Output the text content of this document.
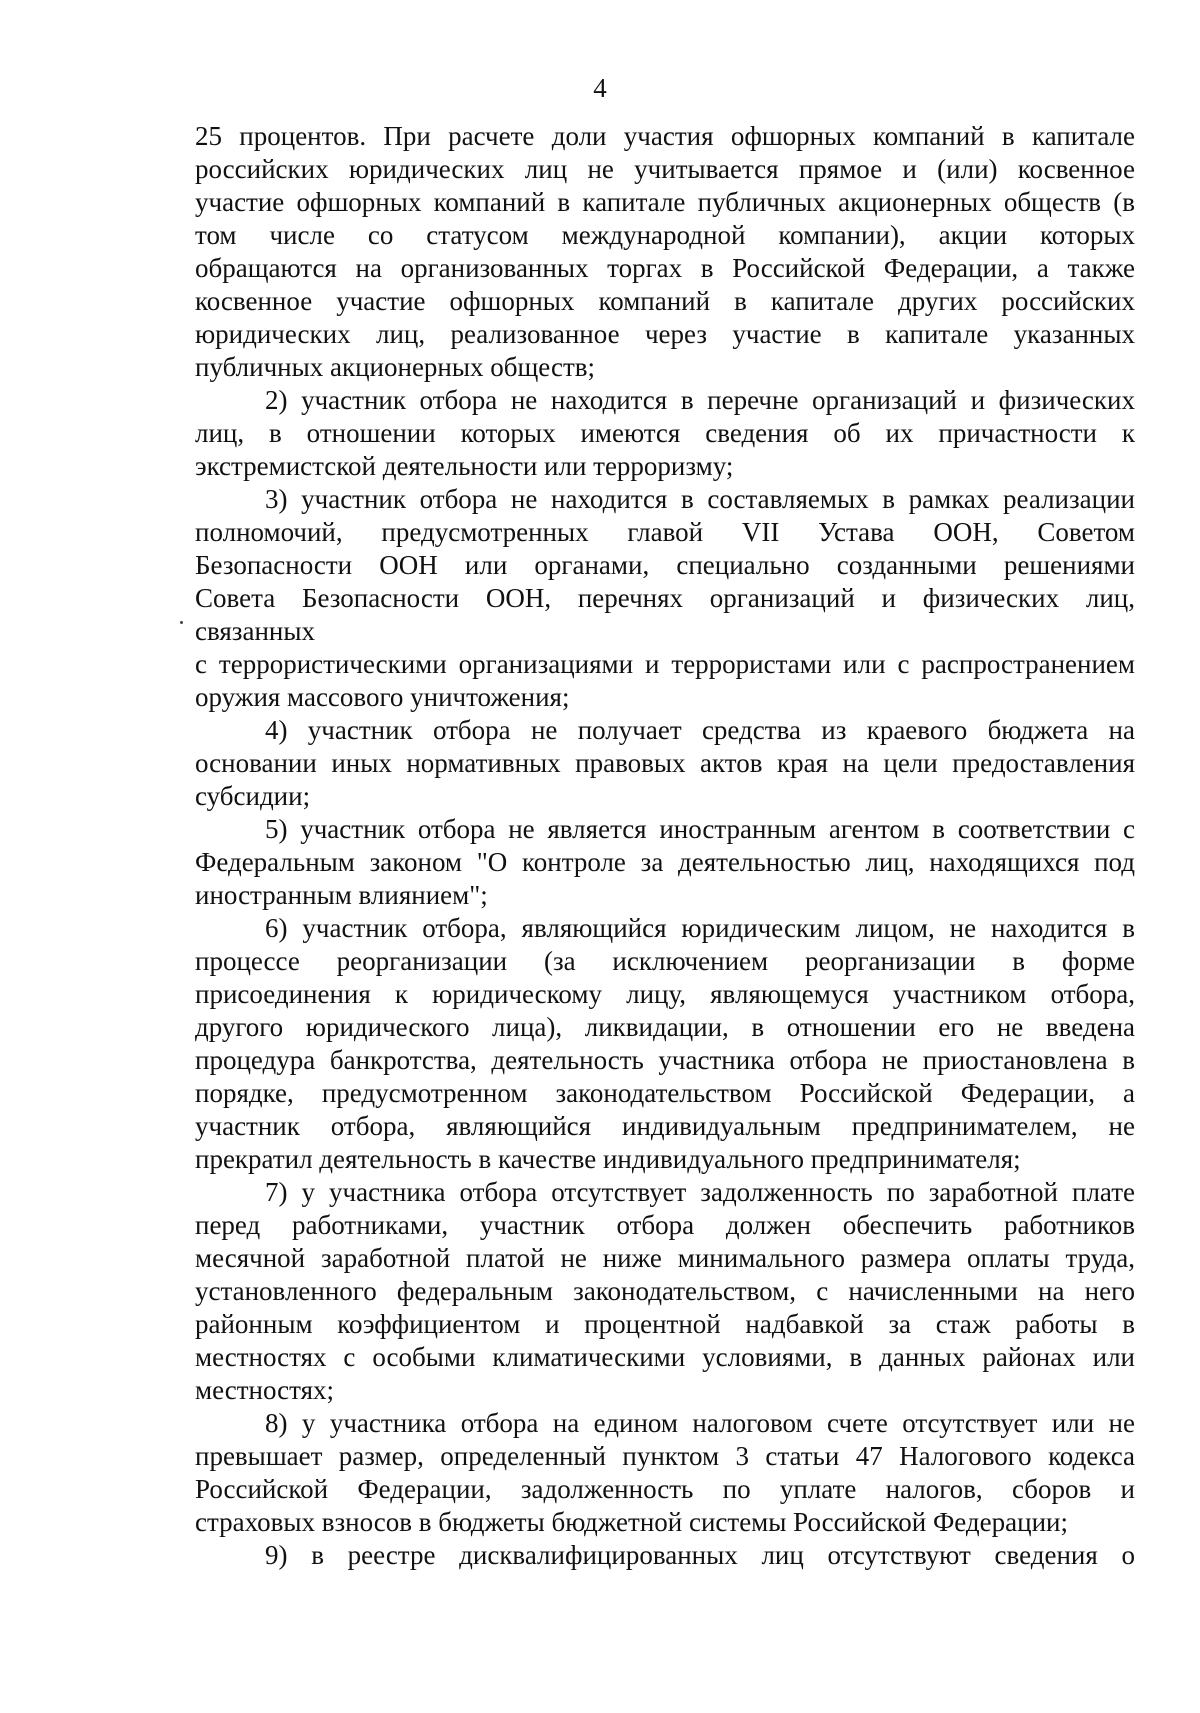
4
25 процентов. При расчете доли участия офшорных компаний в капитале
российских юридических лиц не учитывается прямое и (или) косвенное
участие офшорных компаний в капитале публичных акционерных обществ (в
том числе со статусом международной компании), акции которых
обращаются на организованных торгах в Российской Федерации, а также
косвенное участие офшорных компаний в капитале других российских
юридических лиц, реализованное через участие в капитале указанных
публичных акционерных обществ;
2) участник отбора не находится в перечне организаций и физических
лиц, в отношении которых имеются сведения об их причастности к
экстремистской деятельности или терроризму;
3) участник отбора не находится в составляемых в рамках реализации
полномочий, предусмотренных главой VII Устава ООН, Советом
Безопасности ООН или органами, специально созданными решениями
Совета Безопасности ООН, перечнях организаций и физических лиц,
связанных
с террористическими организациями и террористами или с распространением
оружия массового уничтожения;
4) участник отбора не получает средства из краевого бюджета на
основании иных нормативных правовых актов края на цели предоставления
субсидии;
5) участник отбора не является иностранным агентом в соответствии с
Федеральным законом "О контроле за деятельностью лиц, находящихся под
иностранным влиянием";
6) участник отбора, являющийся юридическим лицом, не находится в
процессе реорганизации (за исключением реорганизации в форме
присоединения к юридическому лицу, являющемуся участником отбора,
другого юридического лица), ликвидации, в отношении его не введена
процедура банкротства, деятельность участника отбора не приостановлена в
порядке, предусмотренном законодательством Российской Федерации, а
участник отбора, являющийся индивидуальным предпринимателем, не
прекратил деятельность в качестве индивидуального предпринимателя;
7) у участника отбора отсутствует задолженность по заработной плате
перед работниками, участник отбора должен обеспечить работников
месячной заработной платой не ниже минимального размера оплаты труда,
установленного федеральным законодательством, с начисленными на него
районным коэффициентом и процентной надбавкой за стаж работы в
местностях с особыми климатическими условиями, в данных районах или
местностях;
8) у участника отбора на едином налоговом счете отсутствует или не
превышает размер, определенный пунктом 3 статьи 47 Налогового кодекса
Российской Федерации, задолженность по уплате налогов, сборов и
страховых взносов в бюджеты бюджетной системы Российской Федерации;
9) в реестре дисквалифицированных лиц отсутствуют сведения о
